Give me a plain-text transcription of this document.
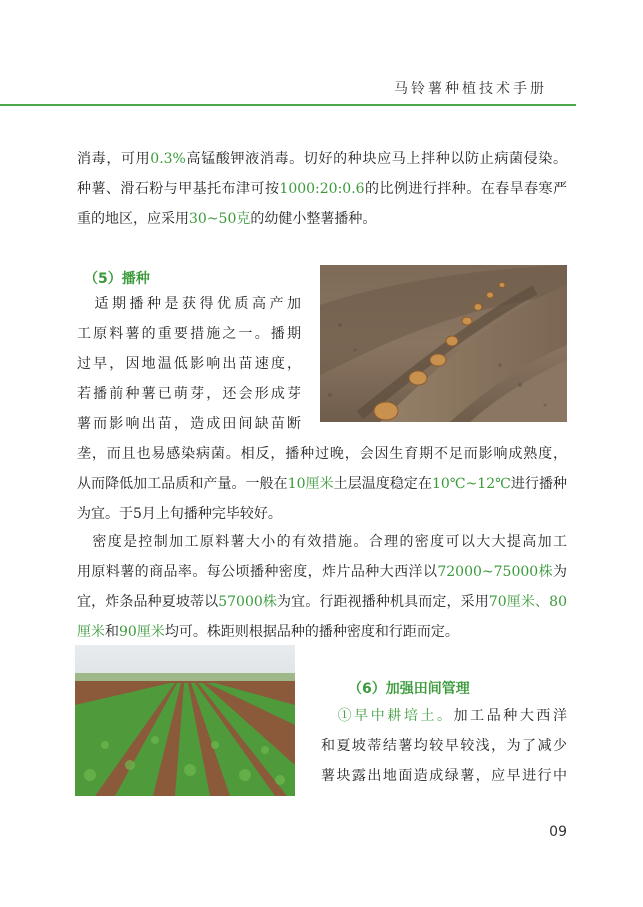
马铃薯种植技术手册
消毒，可用0.3%高锰酸钾液消毒。切好的种块应马上拌种以防止病菌侵染。
种薯、滑石粉与甲基托布津可按1000:20:0.6的比例进行拌种。在春旱春寒严
重的地区，应采用30~50克的幼健小整薯播种。
（5）播种
　适期播种是获得优质高产加
工原料薯的重要措施之一。播期
过早，因地温低影响出苗速度，
若播前种薯已萌芽，还会形成芽
薯而影响出苗，造成田间缺苗断
垄，而且也易感染病菌。相反，播种过晚，会因生育期不足而影响成熟度，
从而降低加工品质和产量。一般在10厘米土层温度稳定在10℃~12℃进行播种
为宜。于5月上旬播种完毕较好。
　密度是控制加工原料薯大小的有效措施。合理的密度可以大大提高加工
用原料薯的商品率。每公顷播种密度，炸片品种大西洋以72000~75000株为
宜，炸条品种夏坡蒂以57000株为宜。行距视播种机具而定，采用70厘米、80
厘米和90厘米均可。株距则根据品种的播种密度和行距而定。
（6）加强田间管理
　①早中耕培土。加工品种大西洋
和夏坡蒂结薯均较早较浅，为了减少
薯块露出地面造成绿薯，应早进行中
09
